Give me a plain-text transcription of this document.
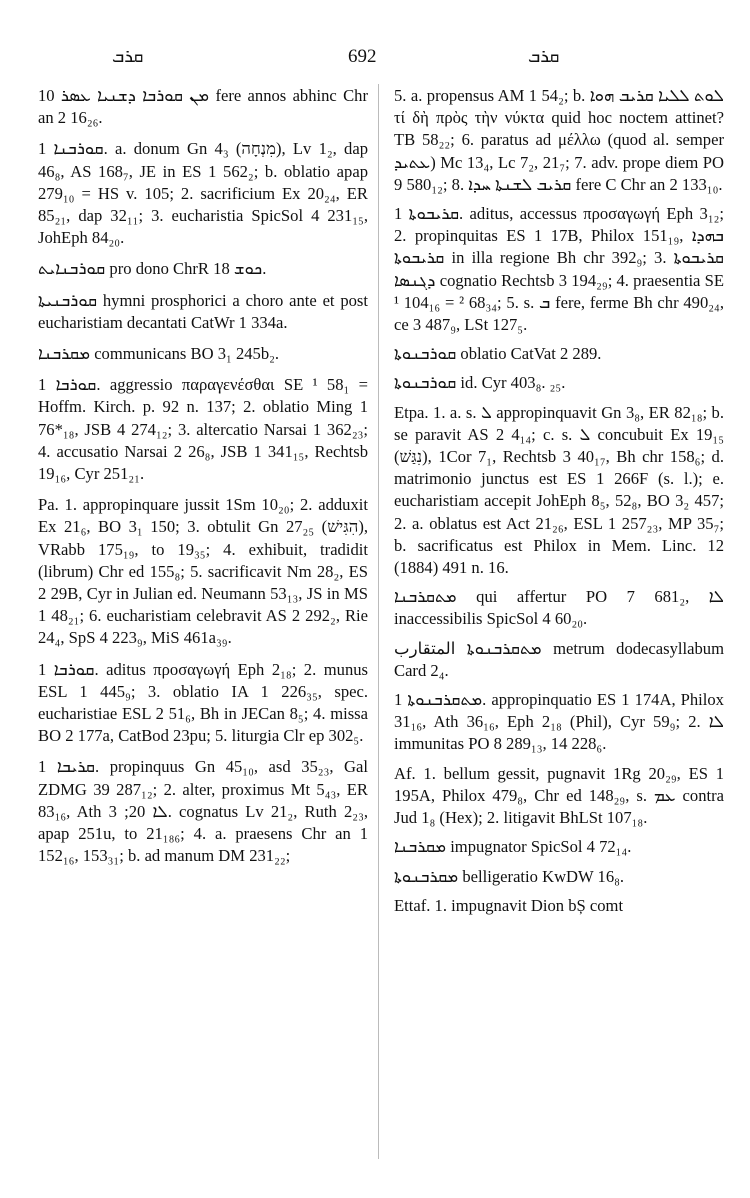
ܩܪܒ	692	ܩܪܒ

ܡܢ ܩܘܪܒܐ ܕܫܢܝܐ ܥܣܪ 10 fere annos abhinc Chr an 2 16₂₆.

ܩܘܪܒܢܐ 1. a. donum Gn 4₃ (מִנְחָה), Lv 1₂, dap 46₈, AS 168₇, JE in ES 1 562₂; b. oblatio apap 279₁₀ = HS v. 105; 2. sacrificium Ex 20₂₄, ER 85₂₁, dap 32₁₁; 3. eucharistia SpicSol 4 231₁₅, JohEph 84₂₀.

ܩܘܪܒܢܐܝܬ pro dono ChrR ܟܘܫ 18.

ܩܘܪܒܢܝܬܐ hymni prosphorici a choro ante et post eucharistiam decantati CatWr 1 334a.

ܡܩܪܒܢܐ communicans BO 3₁ 245b₂.

ܩܘܪܒܐ 1. aggressio παραγενέσθαι SE ¹ 58₁ = Hoffm. Kirch. p. 92 n. 137; 2. oblatio Ming 1 76*₁₈, JSB 4 274₁₂; 3. altercatio Narsai 1 362₂₃; 4. accusatio Narsai 2 26₈, JSB 1 341₁₅, Rechtsb 19₁₆, Cyr 251₂₁.

Pa. 1. appropinquare jussit 1Sm 10₂₀; 2. adduxit Ex 21₆, BO 3₁ 150; 3. obtulit Gn 27₂₅ (הִגִּישׁ), VRabb 175₁₉, to 19₃₅; 4. exhibuit, tradidit (librum) Chr ed 155₈; 5. sacrificavit Nm 28₂, ES 2 29B, Cyr in Julian ed. Neumann 53₁₃, JS in MS 1 48₂₁; 6. eucharistiam celebravit AS 2 292₂, Rie 24₄, SpS 4 223₉, MiS 461a₃₉.

ܩܘܪܒܐ 1. aditus προσαγωγή Eph 2₁₈; 2. munus ESL 1 445₉; 3. oblatio IA 1 226₃₅, spec. eucharistiae ESL 2 51₆, Bh in JECan 8₅; 4. missa BO 2 177a, CatBod 23pu; 5. liturgia Clr ep 302₅.

ܩܪܝܒܐ 1. propinquus Gn 45₁₀, asd 35₂₃, Gal ZDMG 39 287₁₂; 2. alter, proximus Mt 5₄₃, ER 83₁₆, Ath ܠܐ 20; 3. cognatus Lv 21₂, Ruth 2₂₃, apap 251u, to 21₁₈₆; 4. a. praesens Chr an 1 152₁₆, 153₃₁; b. ad manum DM 231₂₂;

5. a. propensus AM 1 54₂; b. ܠܘܬ ܠܠܝܐ ܩܪܝܒ ܗܘܐ τί δὴ πρὸς τὴν νύκτα quid hoc noctem attinet? TB 58₂₂; 6. paratus ad μέλλω (quod al. semper ܥܬܝܕ) Mc 13₄, Lc 7₂, 21₇; 7. adv. prope diem PO 9 580₁₂; 8. ܩܪܝܒ ܠܫܢܬܐ ܚܕܐ fere C Chr an 2 133₁₀.

ܩܪܝܒܘܬܐ 1. aditus, accessus προσαγωγή Eph 3₁₂; 2. propinquitas ES 1 17B, Philox 151₁₉, ܒܗܕܐ ܩܪܝܒܘܬܐ in illa regione Bh chr 392₉; 3. ܩܪܝܒܘܬܐ ܕܓܢܣܐ cognatio Rechtsb 3 194₂₉; 4. praesentia SE ¹ 104₁₆ = ² 68₃₄; 5. s. ܒ fere, ferme Bh chr 490₂₄, ce 3 487₉, LSt 127₅.

ܩܘܪܒܢܘܬܐ oblatio CatVat 2 289.

ܩܘܪܒܢܘܬܐ id. Cyr 403₈. ₂₅.

Etpa. 1. a. s. ܠ appropinquavit Gn 3₈, ER 82₁₈; b. se paravit AS 2 4₁₄; c. s. ܠ concubuit Ex 19₁₅ (נִגַּשׁ), 1Cor 7₁, Rechtsb 3 40₁₇, Bh chr 158₆; d. matrimonio junctus est ES 1 266F (s. l.); e. eucharistiam accepit JohEph 8₅, 52₈, BO 3₂ 457; 2. a. oblatus est Act 21₂₆, ESL 1 257₂₃, MP 35₇; b. sacrificatus est Philox in Mem. Linc. 12 (1884) 491 n. 16.

ܡܬܩܪܒܢܐ qui affertur PO 7 681₂, ܠܐ inaccessibilis SpicSol 4 60₂₀.

ܡܬܩܪܒܢܘܬܐ المتقارب metrum dodecasyllabum Card 2₄.

ܡܬܩܪܒܢܘܬܐ 1. appropinquatio ES 1 174A, Philox 31₁₆, Ath 36₁₆, Eph 2₁₈ (Phil), Cyr 59₉; 2. ܠܐ immunitas PO 8 289₁₃, 14 228₆.

Af. 1. bellum gessit, pugnavit 1Rg 20₂₉, ES 1 195A, Philox 479₈, Chr ed 148₂₉, s. ܥܡ contra Jud 1₈ (Hex); 2. litigavit BhLSt 107₁₈.

ܡܩܪܒܢܐ impugnator SpicSol 4 72₁₄.

ܡܩܪܒܢܘܬܐ belligeratio KwDW 16₈.

Ettaf. 1. impugnavit Dion bȘ comt
